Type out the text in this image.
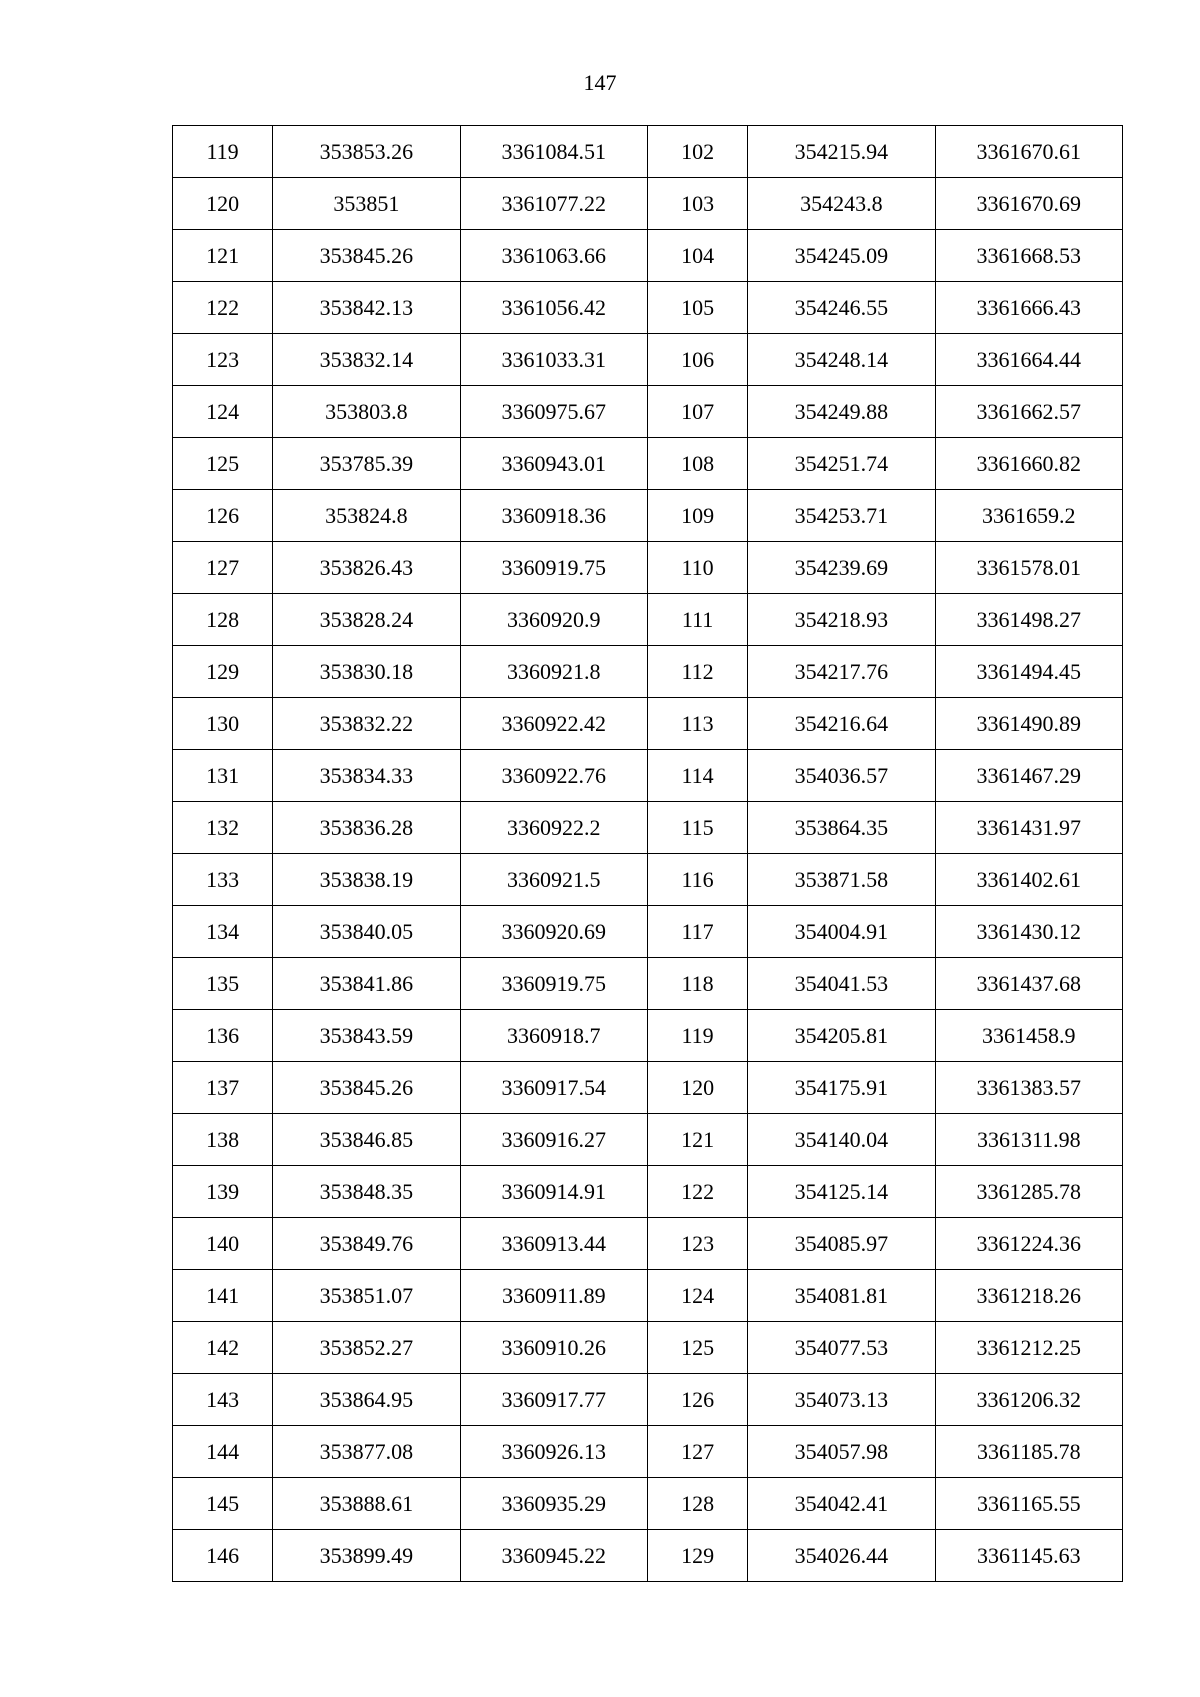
147
119	353853.26	3361084.51	102	354215.94	3361670.61
120	353851	3361077.22	103	354243.8	3361670.69
121	353845.26	3361063.66	104	354245.09	3361668.53
122	353842.13	3361056.42	105	354246.55	3361666.43
123	353832.14	3361033.31	106	354248.14	3361664.44
124	353803.8	3360975.67	107	354249.88	3361662.57
125	353785.39	3360943.01	108	354251.74	3361660.82
126	353824.8	3360918.36	109	354253.71	3361659.2
127	353826.43	3360919.75	110	354239.69	3361578.01
128	353828.24	3360920.9	111	354218.93	3361498.27
129	353830.18	3360921.8	112	354217.76	3361494.45
130	353832.22	3360922.42	113	354216.64	3361490.89
131	353834.33	3360922.76	114	354036.57	3361467.29
132	353836.28	3360922.2	115	353864.35	3361431.97
133	353838.19	3360921.5	116	353871.58	3361402.61
134	353840.05	3360920.69	117	354004.91	3361430.12
135	353841.86	3360919.75	118	354041.53	3361437.68
136	353843.59	3360918.7	119	354205.81	3361458.9
137	353845.26	3360917.54	120	354175.91	3361383.57
138	353846.85	3360916.27	121	354140.04	3361311.98
139	353848.35	3360914.91	122	354125.14	3361285.78
140	353849.76	3360913.44	123	354085.97	3361224.36
141	353851.07	3360911.89	124	354081.81	3361218.26
142	353852.27	3360910.26	125	354077.53	3361212.25
143	353864.95	3360917.77	126	354073.13	3361206.32
144	353877.08	3360926.13	127	354057.98	3361185.78
145	353888.61	3360935.29	128	354042.41	3361165.55
146	353899.49	3360945.22	129	354026.44	3361145.63
